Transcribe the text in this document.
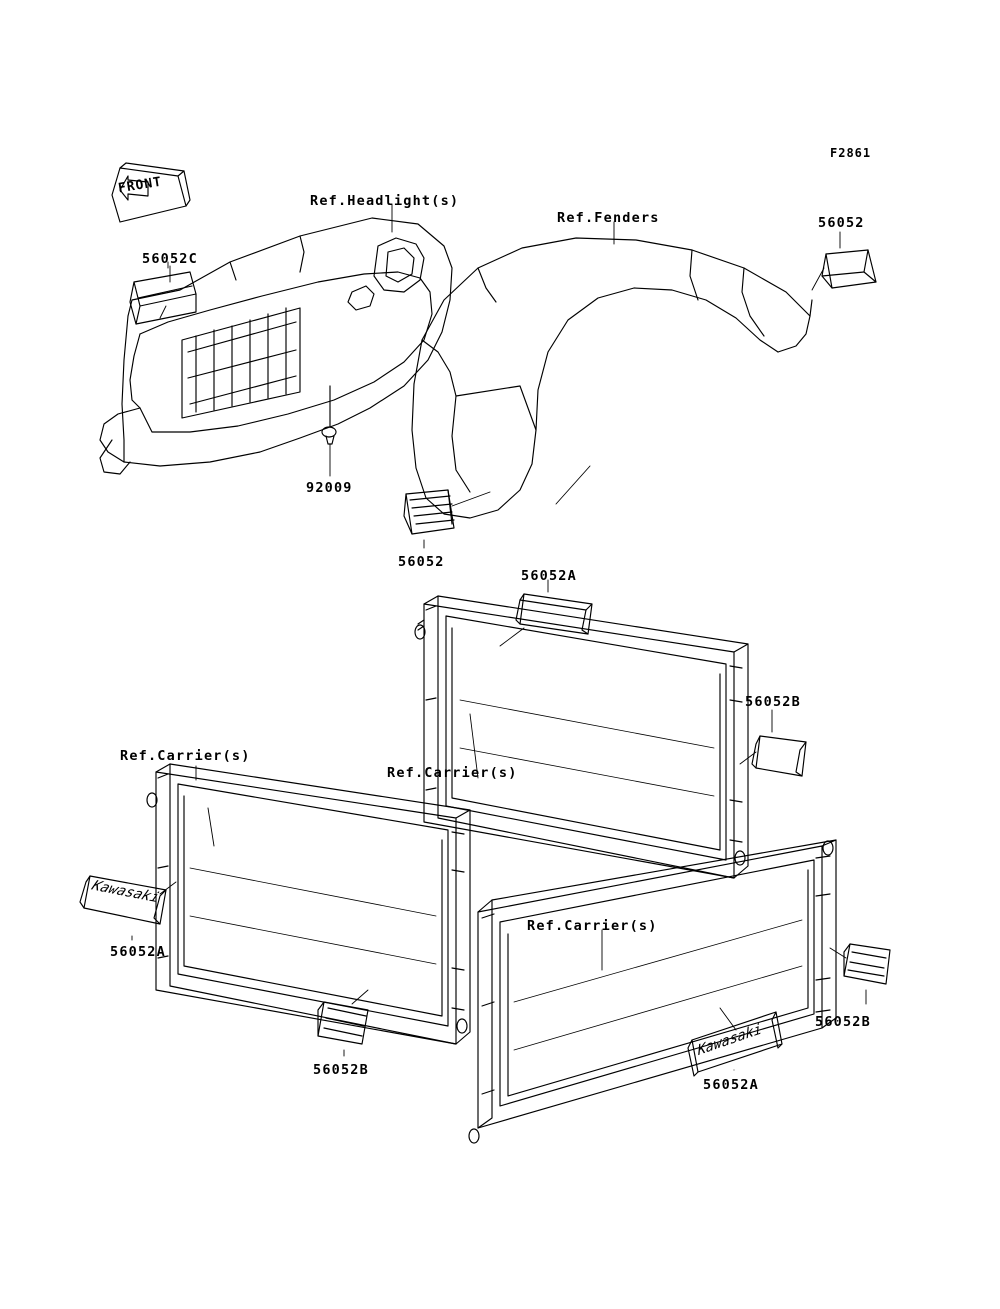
FRONT
Kawasaki
Kawasaki
F2861
Ref.Headlight(s)
Ref.Fenders	56052
56052C
92009
56052
56052A
56052B
Ref.Carrier(s)
Ref.Carrier(s)
Ref.Carrier(s)
56052A
56052B
56052B
56052A
